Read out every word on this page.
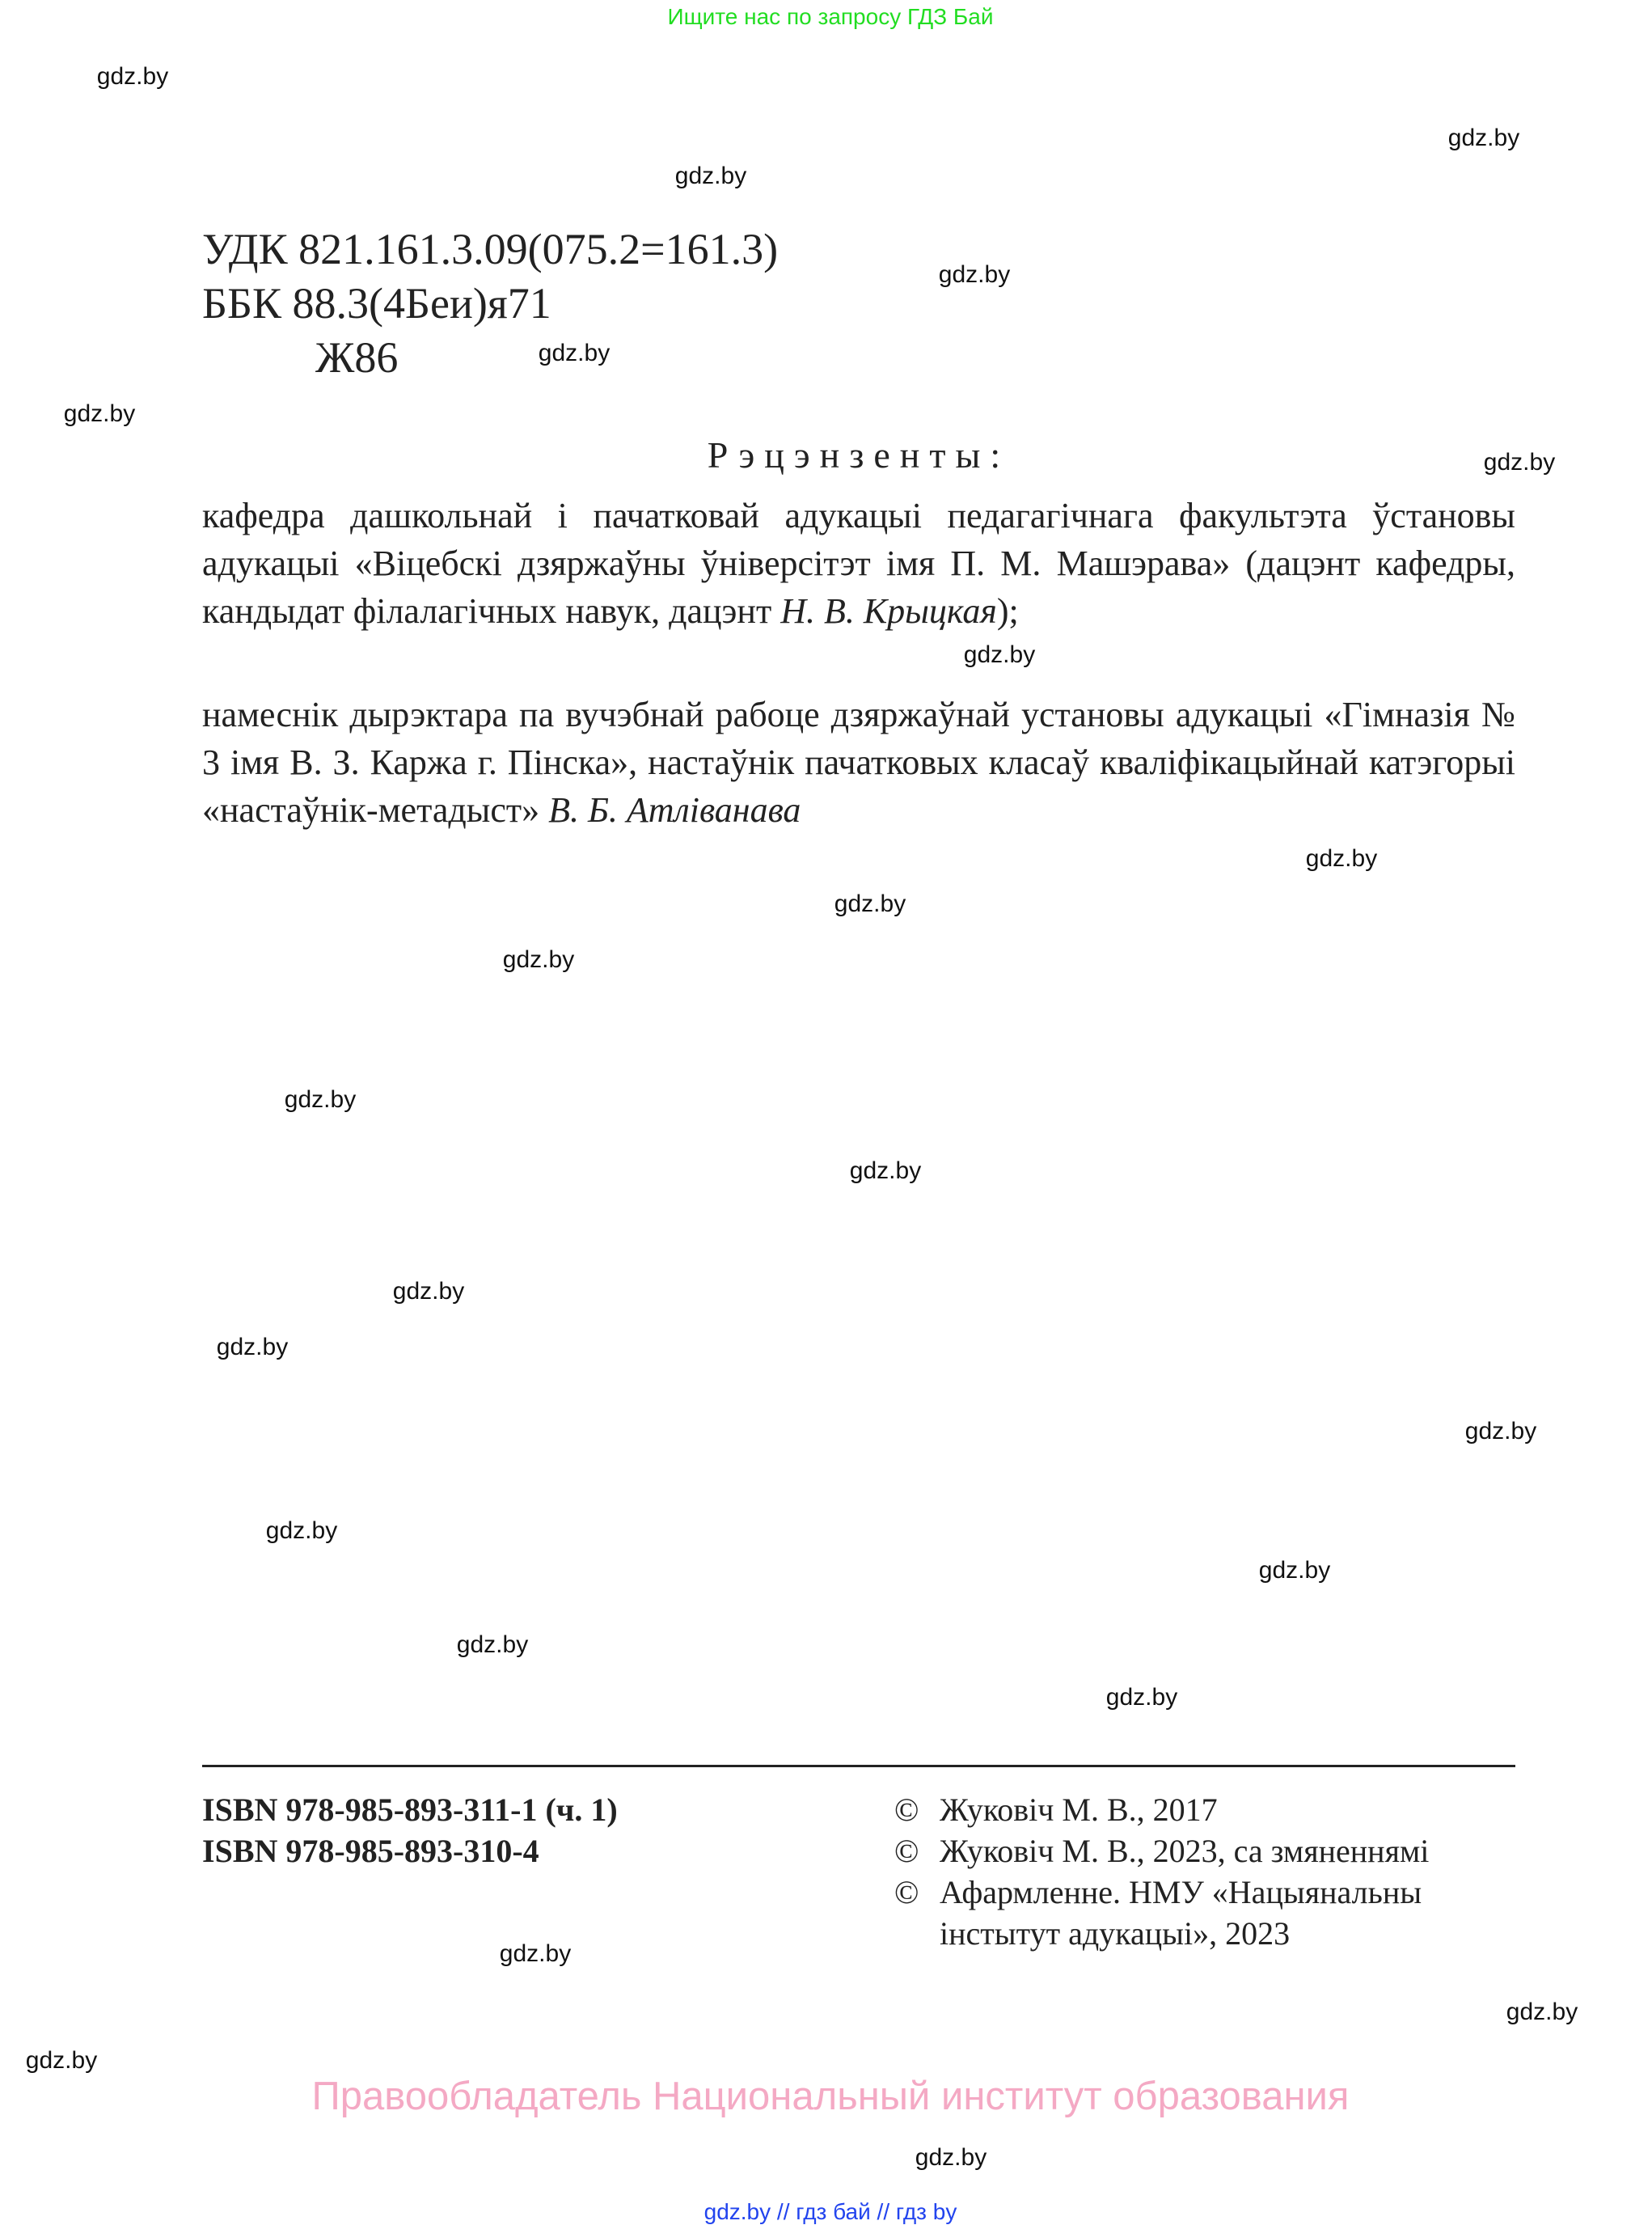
Ищите нас по запросу ГДЗ Бай
УДК 821.161.3.09(075.2=161.3)
ББК 88.3(4Беи)я71
Ж86
Рэцэнзенты:
кафедра дашкольнай і пачатковай адукацыі педагагічнага факультэта ўстановы адукацыі «Віцебскі дзяржаўны ўніверсітэт імя П. М. Машэрава» (дацэнт кафедры, кандыдат філалагічных навук, дацэнт Н. В. Крыцкая);
намеснік дырэктара па вучэбнай рабоце дзяржаўнай установы адукацыі «Гімназія № 3 імя В. З. Каржа г. Пінска», настаўнік пачатковых класаў кваліфікацыйнай катэгорыі «настаўнік-метадыст» В. Б. Атліванава
ISBN 978-985-893-311-1 (ч. 1)
ISBN 978-985-893-310-4
© Жуковіч М. В., 2017
© Жуковіч М. В., 2023, са змяненнямі
© Афармленне. НМУ «Нацыянальны інстытут адукацыі», 2023
Правообладатель Национальный институт образования
gdz.by // гдз бай // гдз by
gdz.by
gdz.by
gdz.by
gdz.by
gdz.by
gdz.by
gdz.by
gdz.by
gdz.by
gdz.by
gdz.by
gdz.by
gdz.by
gdz.by
gdz.by
gdz.by
gdz.by
gdz.by
gdz.by
gdz.by
gdz.by
gdz.by
gdz.by
gdz.by
